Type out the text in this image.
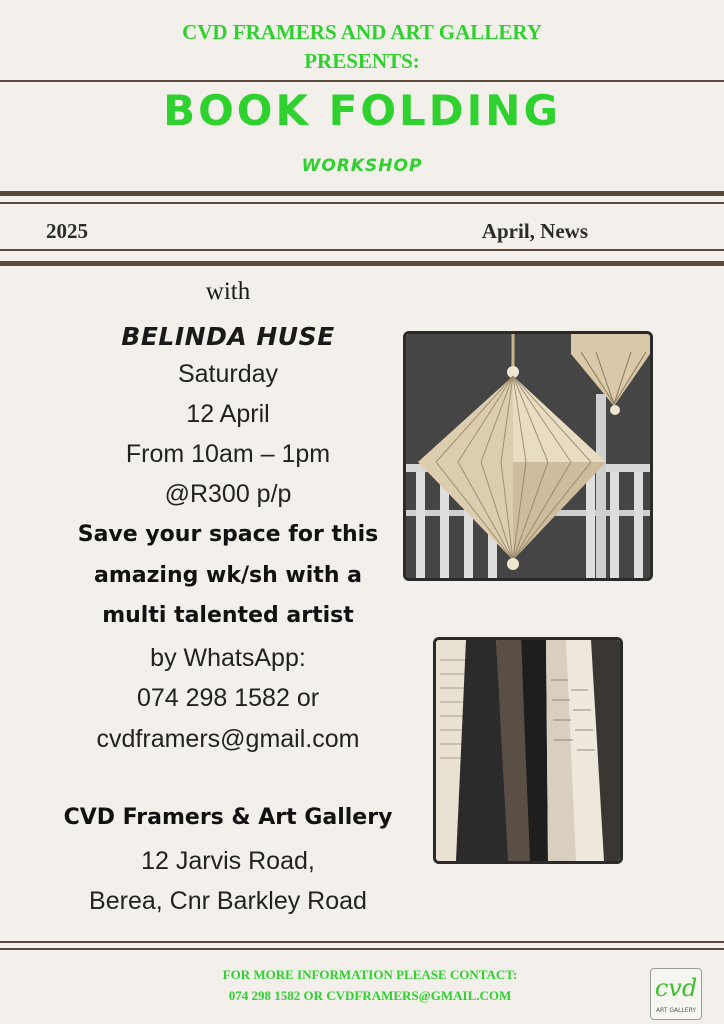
CVD FRAMERS AND ART GALLERY
PRESENTS:
BOOK FOLDING
WORKSHOP
2025	April, News
with
BELINDA HUSE
Saturday
12 April
From 10am – 1pm
@R300 p/p
Save your space for this
amazing wk/sh with a
multi talented artist
by WhatsApp:
074 298 1582 or
cvdframers@gmail.com
CVD Framers & Art Gallery
12 Jarvis Road,
Berea, Cnr Barkley Road
FOR MORE INFORMATION PLEASE CONTACT:
074 298 1582 OR CVDFRAMERS@GMAIL.COM	cvd
ART GALLERY
